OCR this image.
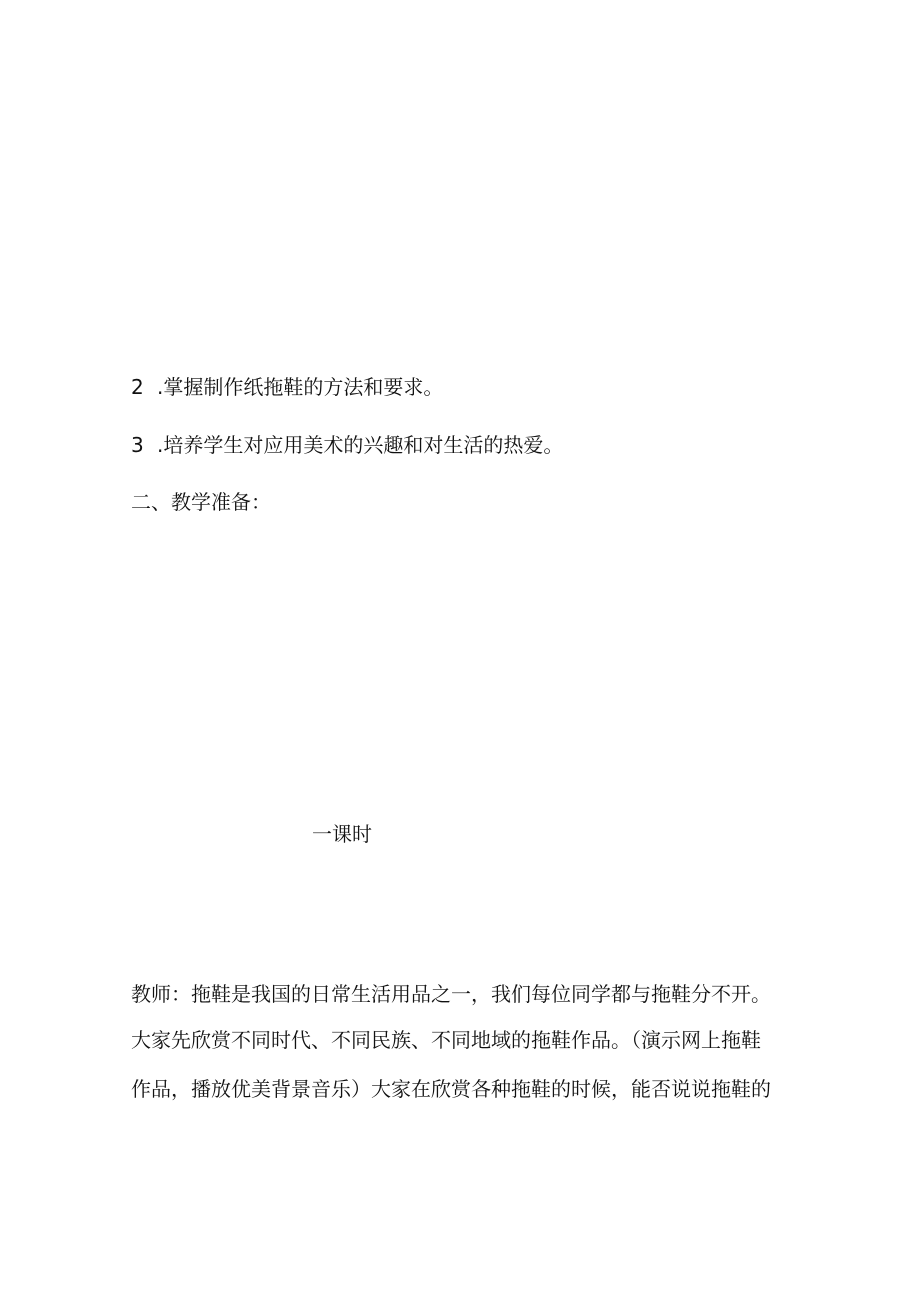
2 .掌握制作纸拖鞋的方法和要求。
3 .培养学生对应用美术的兴趣和对生活的热爱。
二、教学准备：
一课时
教师：拖鞋是我国的日常生活用品之一，我们每位同学都与拖鞋分不开。
大家先欣赏不同时代、不同民族、不同地域的拖鞋作品。（演示网上拖鞋
作品，播放优美背景音乐）大家在欣赏各种拖鞋的时候，能否说说拖鞋的
